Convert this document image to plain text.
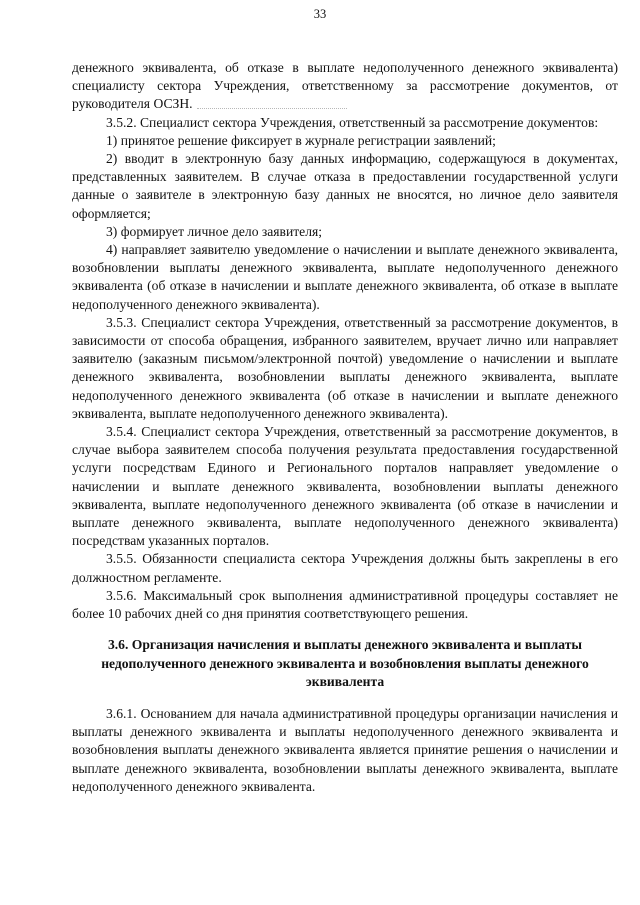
33

денежного эквивалента, об отказе в выплате недополученного денежного эквивалента) специалисту сектора Учреждения, ответственному за рассмотрение документов, от руководителя ОСЗН.

3.5.2. Специалист сектора Учреждения, ответственный за рассмотрение документов:

1) принятое решение фиксирует в журнале регистрации заявлений;

2) вводит в электронную базу данных информацию, содержащуюся в документах, представленных заявителем. В случае отказа в предоставлении государственной услуги данные о заявителе в электронную базу данных не вносятся, но личное дело заявителя оформляется;

3) формирует личное дело заявителя;

4) направляет заявителю уведомление о начислении и выплате денежного эквивалента, возобновлении выплаты денежного эквивалента, выплате недополученного денежного эквивалента (об отказе в начислении и выплате денежного эквивалента, об отказе в выплате недополученного денежного эквивалента).

3.5.3. Специалист сектора Учреждения, ответственный за рассмотрение документов, в зависимости от способа обращения, избранного заявителем, вручает лично или направляет заявителю (заказным письмом/электронной почтой) уведомление о начислении и выплате денежного эквивалента, возобновлении выплаты денежного эквивалента, выплате недополученного денежного эквивалента (об отказе в начислении и выплате денежного эквивалента, выплате недополученного денежного эквивалента).

3.5.4. Специалист сектора Учреждения, ответственный за рассмотрение документов, в случае выбора заявителем способа получения результата предоставления государственной услуги посредствам Единого и Регионального порталов направляет уведомление о начислении и выплате денежного эквивалента, возобновлении выплаты денежного эквивалента, выплате недополученного денежного эквивалента (об отказе в начислении и выплате денежного эквивалента, выплате недополученного денежного эквивалента) посредствам указанных порталов.

3.5.5. Обязанности специалиста сектора Учреждения должны быть закреплены в его должностном регламенте.

3.5.6. Максимальный срок выполнения административной процедуры составляет не более 10 рабочих дней со дня принятия соответствующего решения.

3.6. Организация начисления и выплаты денежного эквивалента и выплаты недополученного денежного эквивалента и возобновления выплаты денежного эквивалента

3.6.1. Основанием для начала административной процедуры организации начисления и выплаты денежного эквивалента и выплаты недополученного денежного эквивалента и возобновления выплаты денежного эквивалента является принятие решения о начислении и выплате денежного эквивалента, возобновлении выплаты денежного эквивалента, выплате недополученного денежного эквивалента.
